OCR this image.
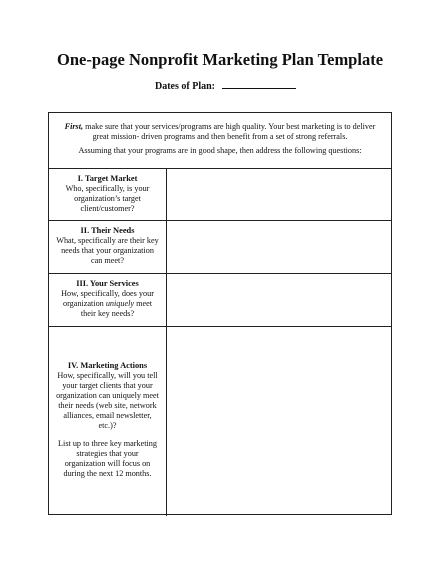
One-page Nonprofit Marketing Plan Template
Dates of Plan:

First, make sure that your services/programs are high quality. Your best marketing is to deliver great mission- driven programs and then benefit from a set of strong referrals.

Assuming that your programs are in good shape, then address the following questions:

I. Target Market

Who, specifically, is your organization’s target client/customer?

II. Their Needs

What, specifically are their key needs that your organization can meet?

III. Your Services

How, specifically, does your organization uniquely meet their key needs?

IV. Marketing Actions

How, specifically, will you tell your target clients that your organization can uniquely meet their needs (web site, network alliances, email newsletter, etc.)?

List up to three key marketing strategies that your organization will focus on during the next 12 months.
